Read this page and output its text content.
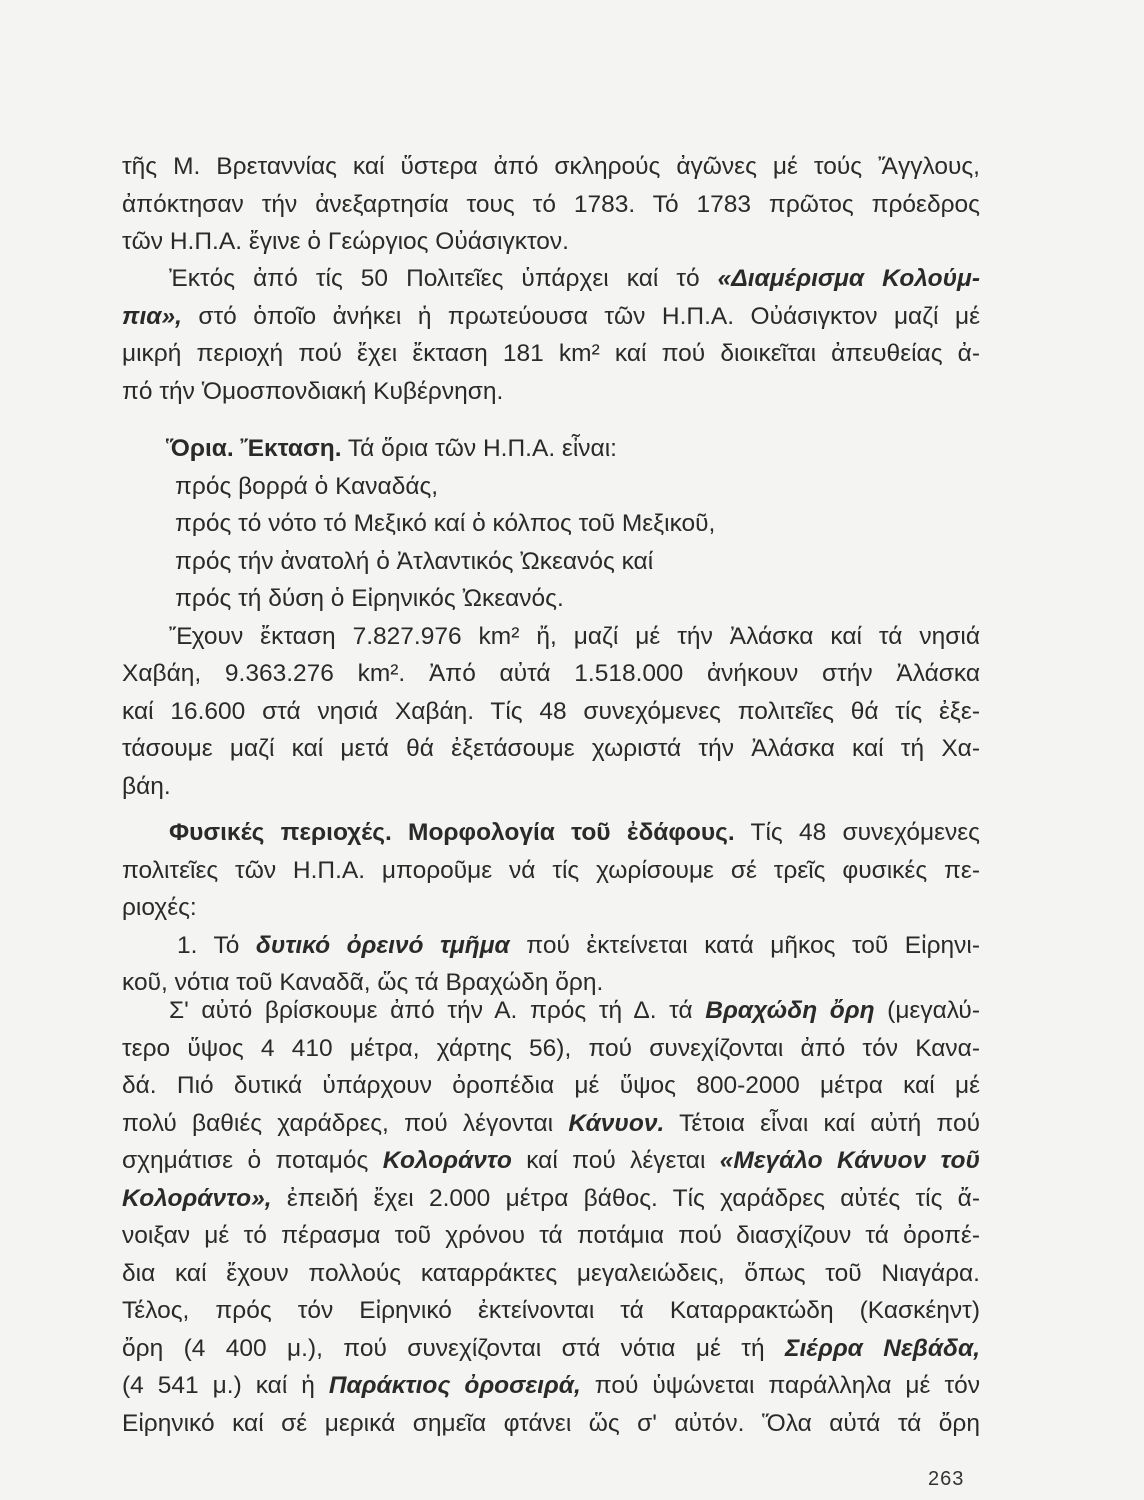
τῆς Μ. Βρεταννίας καί ὕστερα ἀπό σκληρούς ἀγῶνες μέ τούς Ἄγγλους,
ἀπόκτησαν τήν ἀνεξαρτησία τους τό 1783. Τό 1783 πρῶτος πρόεδρος
τῶν Η.Π.Α. ἔγινε ὁ Γεώργιος Οὐάσιγκτον.
Ἐκτός ἀπό τίς 50 Πολιτεῖες ὑπάρχει καί τό «Διαμέρισμα Κολούμ-
πια», στό ὁποῖο ἀνήκει ἡ πρωτεύουσα τῶν Η.Π.Α. Οὐάσιγκτον μαζί μέ
μικρή περιοχή πού ἔχει ἔκταση 181 km² καί πού διοικεῖται ἀπευθείας ἀ-
πό τήν Ὁμοσπονδιακή Κυβέρνηση.
Ὅρια. Ἔκταση. Τά ὅρια τῶν Η.Π.Α. εἶναι:
πρός βορρά ὁ Καναδάς,
πρός τό νότο τό Μεξικό καί ὁ κόλπος τοῦ Μεξικοῦ,
πρός τήν ἀνατολή ὁ Ἀτλαντικός Ὠκεανός καί
πρός τή δύση ὁ Εἰρηνικός Ὠκεανός.
Ἔχουν ἔκταση 7.827.976 km² ἤ, μαζί μέ τήν Ἀλάσκα καί τά νησιά
Χαβάη, 9.363.276 km². Ἀπό αὐτά 1.518.000 ἀνήκουν στήν Ἀλάσκα
καί 16.600 στά νησιά Χαβάη. Τίς 48 συνεχόμενες πολιτεῖες θά τίς ἐξε-
τάσουμε μαζί καί μετά θά ἐξετάσουμε χωριστά τήν Ἀλάσκα καί τή Χα-
βάη.
Φυσικές περιοχές. Μορφολογία τοῦ ἐδάφους. Τίς 48 συνεχόμενες
πολιτεῖες τῶν Η.Π.Α. μποροῦμε νά τίς χωρίσουμε σέ τρεῖς φυσικές πε-
ριοχές:
1. Τό δυτικό ὀρεινό τμῆμα πού ἐκτείνεται κατά μῆκος τοῦ Εἰρηνι-
κοῦ, νότια τοῦ Καναδᾶ, ὥς τά Βραχώδη ὄρη.
Σ' αὐτό βρίσκουμε ἀπό τήν Α. πρός τή Δ. τά Βραχώδη ὄρη (μεγαλύ-
τερο ὕψος 4 410 μέτρα, χάρτης 56), πού συνεχίζονται ἀπό τόν Κανα-
δά. Πιό δυτικά ὑπάρχουν ὀροπέδια μέ ὕψος 800-2000 μέτρα καί μέ
πολύ βαθιές χαράδρες, πού λέγονται Κάνυον. Τέτοια εἶναι καί αὐτή πού
σχημάτισε ὁ ποταμός Κολοράντο καί πού λέγεται «Μεγάλο Κάνυον τοῦ
Κολοράντο», ἐπειδή ἔχει 2.000 μέτρα βάθος. Τίς χαράδρες αὐτές τίς ἄ-
νοιξαν μέ τό πέρασμα τοῦ χρόνου τά ποτάμια πού διασχίζουν τά ὀροπέ-
δια καί ἔχουν πολλούς καταρράκτες μεγαλειώδεις, ὅπως τοῦ Νιαγάρα.
Τέλος, πρός τόν Εἰρηνικό ἐκτείνονται τά Καταρρακτώδη (Κασκέηντ)
ὄρη (4 400 μ.), πού συνεχίζονται στά νότια μέ τή Σιέρρα Νεβάδα,
(4 541 μ.) καί ἡ Παράκτιος ὀροσειρά, πού ὑψώνεται παράλληλα μέ τόν
Εἰρηνικό καί σέ μερικά σημεῖα φτάνει ὥς σ' αὐτόν. Ὅλα αὐτά τά ὄρη
263
